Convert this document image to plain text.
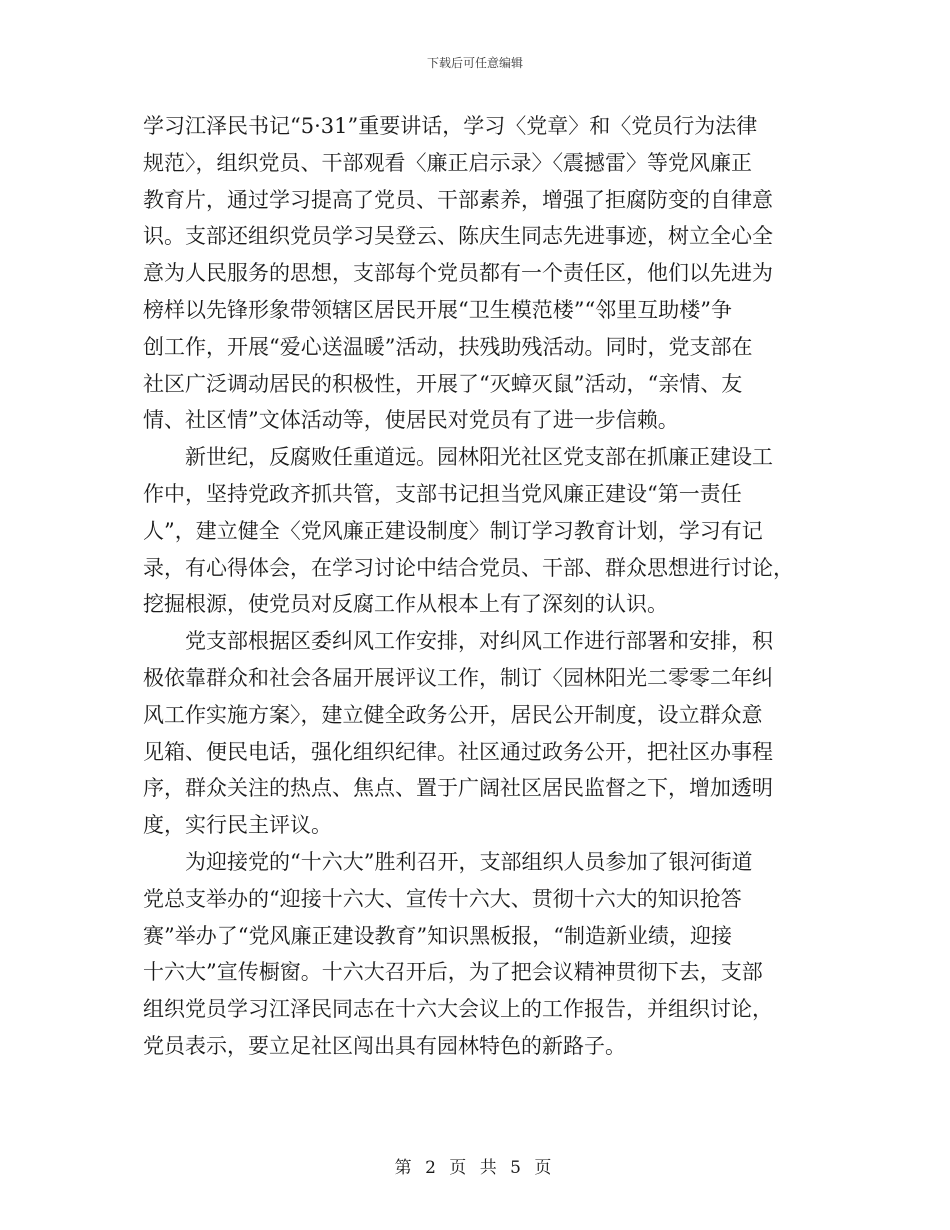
下载后可任意编辑
学习江泽民书记“5·31”重要讲话，学习〈党章〉和〈党员行为法律
规范〉，组织党员、干部观看〈廉正启示录〉〈震撼雷〉等党风廉正
教育片，通过学习提高了党员、干部素养，增强了拒腐防变的自律意
识。支部还组织党员学习吴登云、陈庆生同志先进事迹，树立全心全
意为人民服务的思想，支部每个党员都有一个责任区，他们以先进为
榜样以先锋形象带领辖区居民开展“卫生模范楼”“邻里互助楼”争
创工作，开展“爱心送温暖”活动，扶残助残活动。同时，党支部在
社区广泛调动居民的积极性，开展了“灭蟑灭鼠”活动，“亲情、友
情、社区情”文体活动等，使居民对党员有了进一步信赖。
新世纪，反腐败任重道远。园林阳光社区党支部在抓廉正建设工
作中，坚持党政齐抓共管，支部书记担当党风廉正建设“第一责任
人”，建立健全〈党风廉正建设制度〉制订学习教育计划，学习有记
录，有心得体会，在学习讨论中结合党员、干部、群众思想进行讨论，
挖掘根源，使党员对反腐工作从根本上有了深刻的认识。
党支部根据区委纠风工作安排，对纠风工作进行部署和安排，积
极依靠群众和社会各届开展评议工作，制订〈园林阳光二零零二年纠
风工作实施方案〉，建立健全政务公开，居民公开制度，设立群众意
见箱、便民电话，强化组织纪律。社区通过政务公开，把社区办事程
序，群众关注的热点、焦点、置于广阔社区居民监督之下，增加透明
度，实行民主评议。
为迎接党的“十六大”胜利召开，支部组织人员参加了银河街道
党总支举办的“迎接十六大、宣传十六大、贯彻十六大的知识抢答
赛”举办了“党风廉正建设教育”知识黑板报，“制造新业绩，迎接
十六大”宣传橱窗。十六大召开后，为了把会议精神贯彻下去，支部
组织党员学习江泽民同志在十六大会议上的工作报告，并组织讨论，
党员表示，要立足社区闯出具有园林特色的新路子。
第 2 页 共 5 页
